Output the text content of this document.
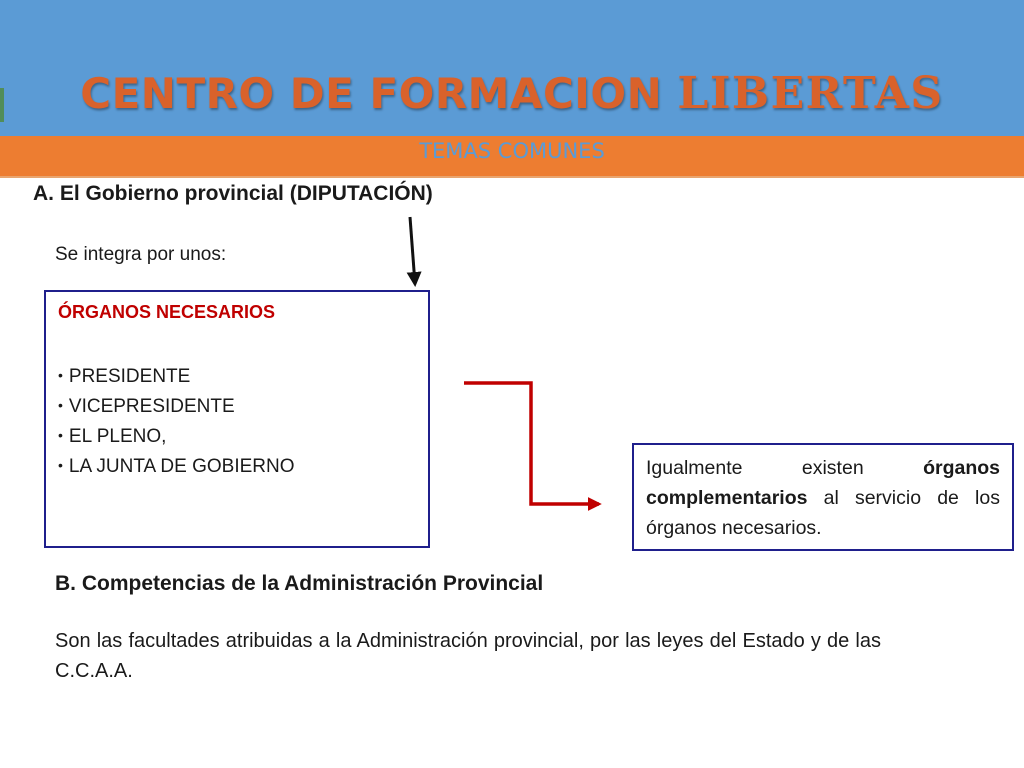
CENTRO DE FORMACION LIBERTAS
TEMAS COMUNES
A. El Gobierno provincial (DIPUTACIÓN)
Se integra por unos:
ÓRGANOS NECESARIOS
• PRESIDENTE
• VICEPRESIDENTE
• EL PLENO,
• LA JUNTA DE GOBIERNO	Igualmente existen órganos complementarios al servicio de los órganos necesarios.

B. Competencias de la Administración Provincial

Son las facultades atribuidas a la Administración provincial, por las leyes del Estado y de las C.C.A.A.
